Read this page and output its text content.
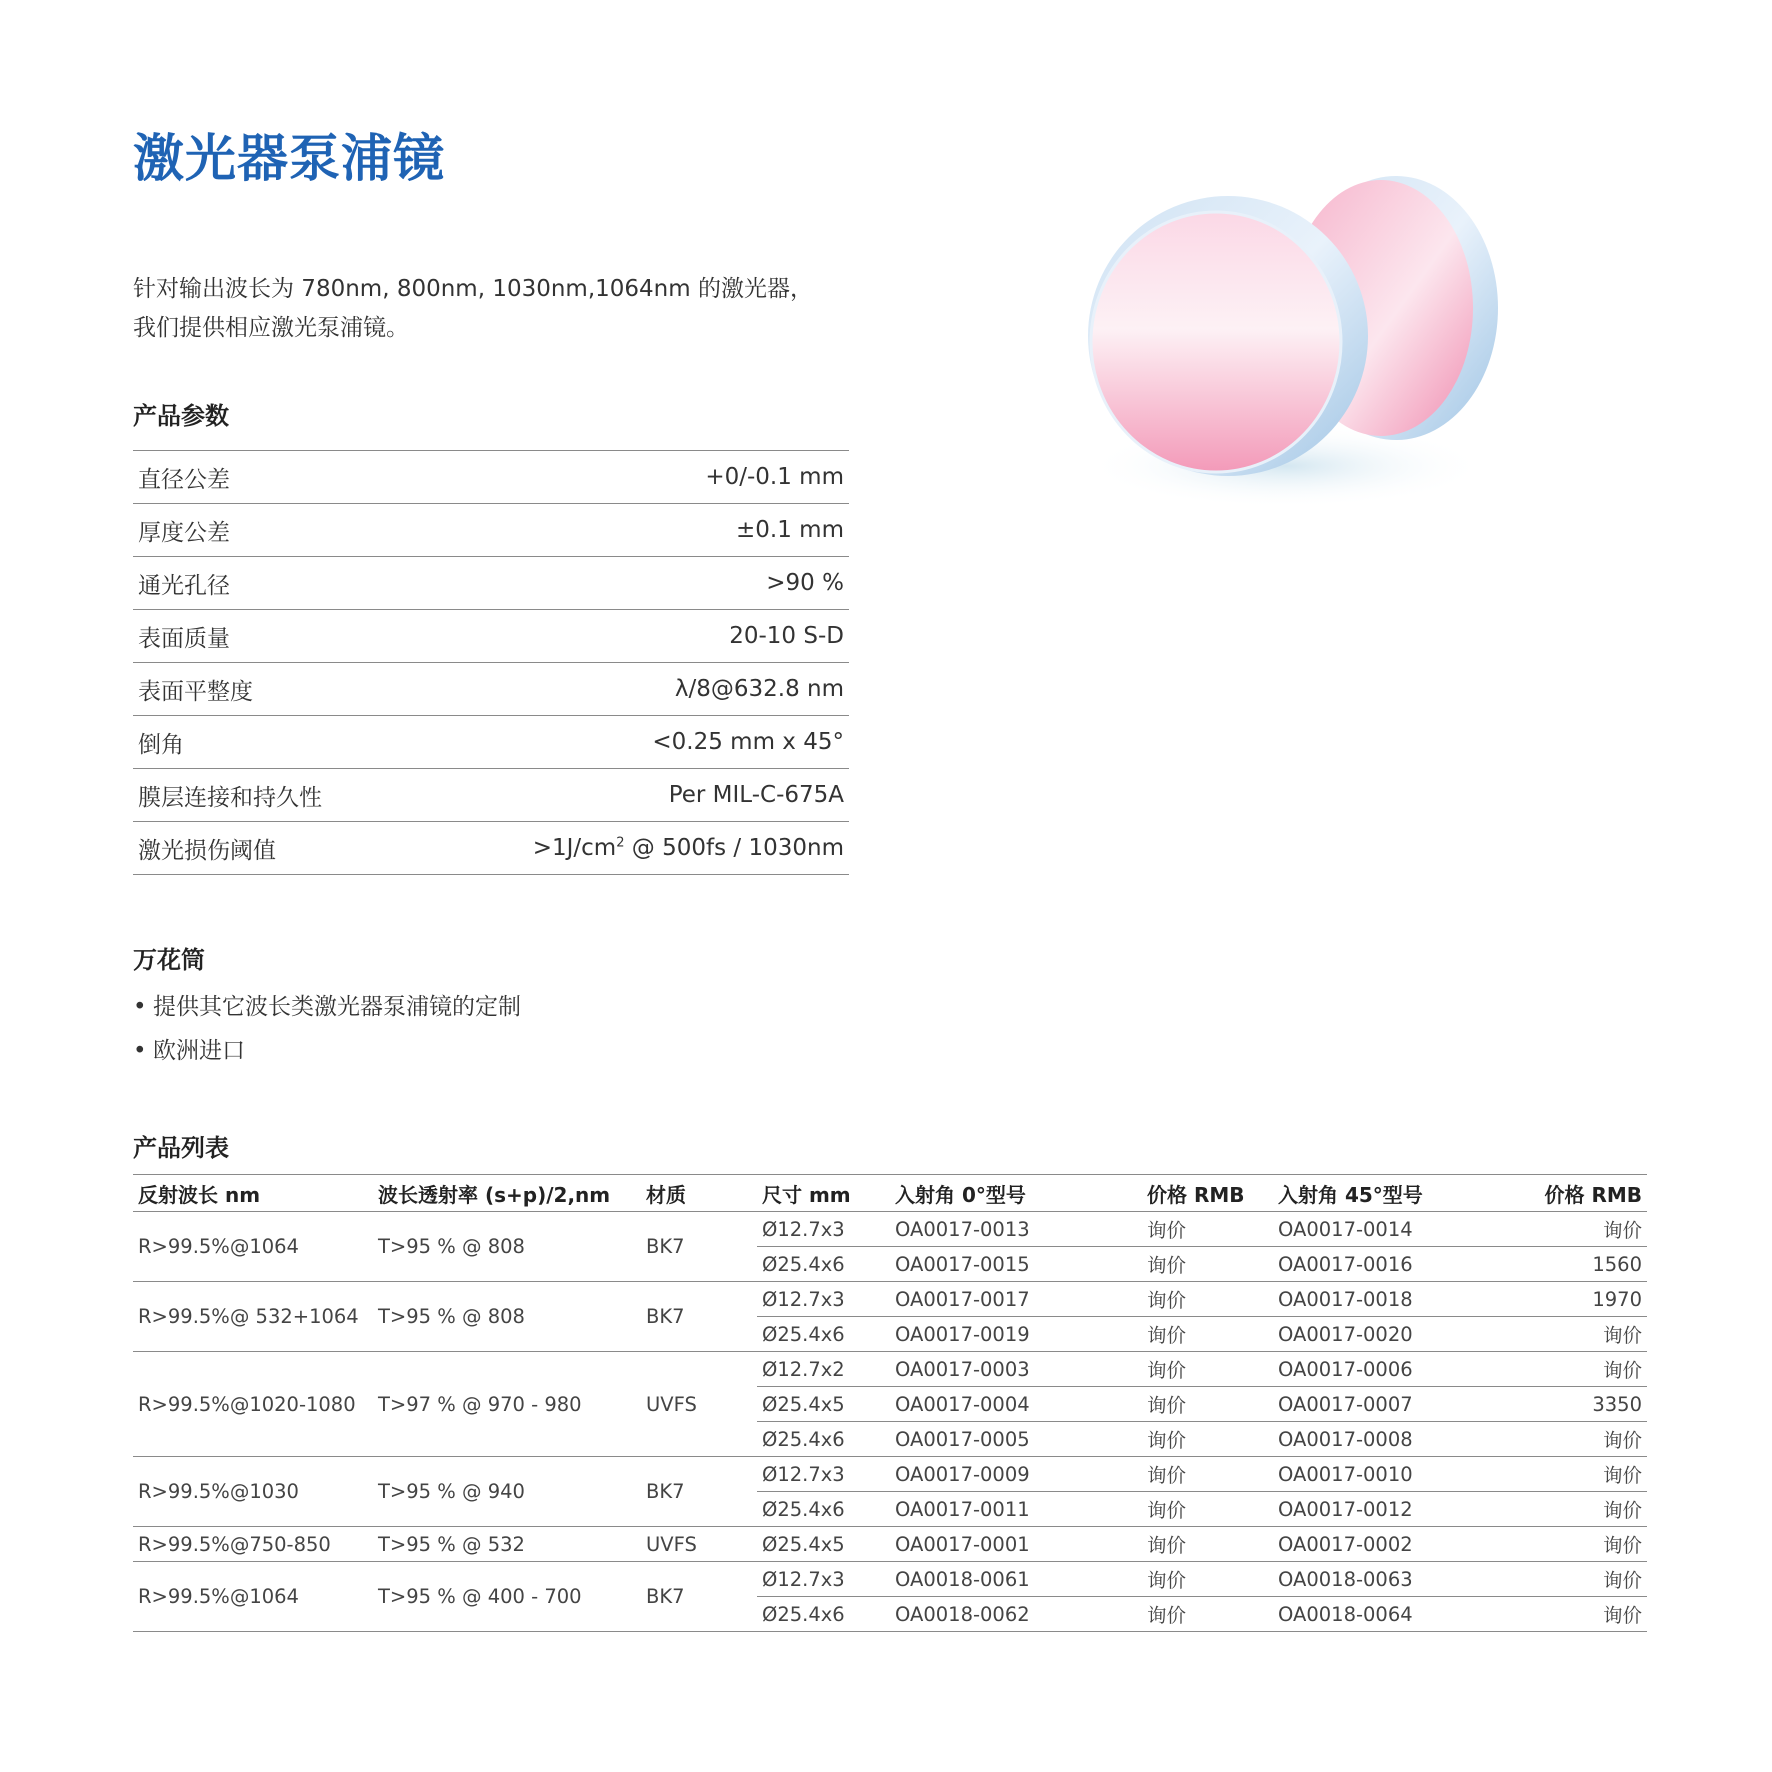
激光器泵浦镜
针对输出波长为 780nm, 800nm, 1030nm,1064nm 的激光器，
我们提供相应激光泵浦镜。
产品参数
直径公差	+0/-0.1 mm
厚度公差	±0.1 mm
通光孔径	>90 %
表面质量	20-10 S-D
表面平整度	λ/8@632.8 nm
倒角	<0.25 mm x 45°
膜层连接和持久性	Per MIL-C-675A
激光损伤阈值	$>1J/cm^2$ @ 500fs / 1030nm
万花筒
• 提供其它波长类激光器泵浦镜的定制
• 欧洲进口
产品列表
反射波长 nm	波长透射率 (s+p)/2,nm	材质	尺寸 mm	入射角 0°型号	价格 RMB	入射角 45°型号	价格 RMB
R>99.5%@1064	T>95 % @ 808	BK7	Ø12.7x3	OA0017-0013	询价	OA0017-0014	询价
			Ø25.4x6	OA0017-0015	询价	OA0017-0016	1560
R>99.5%@ 532+1064	T>95 % @ 808	BK7	Ø12.7x3	OA0017-0017	询价	OA0017-0018	1970
			Ø25.4x6	OA0017-0019	询价	OA0017-0020	询价
R>99.5%@1020-1080	T>97 % @ 970 - 980	UVFS	Ø12.7x2	OA0017-0003	询价	OA0017-0006	询价
			Ø25.4x5	OA0017-0004	询价	OA0017-0007	3350
			Ø25.4x6	OA0017-0005	询价	OA0017-0008	询价
R>99.5%@1030	T>95 % @ 940	BK7	Ø12.7x3	OA0017-0009	询价	OA0017-0010	询价
			Ø25.4x6	OA0017-0011	询价	OA0017-0012	询价
R>99.5%@750-850	T>95 % @ 532	UVFS	Ø25.4x5	OA0017-0001	询价	OA0017-0002	询价
R>99.5%@1064	T>95 % @ 400 - 700	BK7	Ø12.7x3	OA0018-0061	询价	OA0018-0063	询价
			Ø25.4x6	OA0018-0062	询价	OA0018-0064	询价
